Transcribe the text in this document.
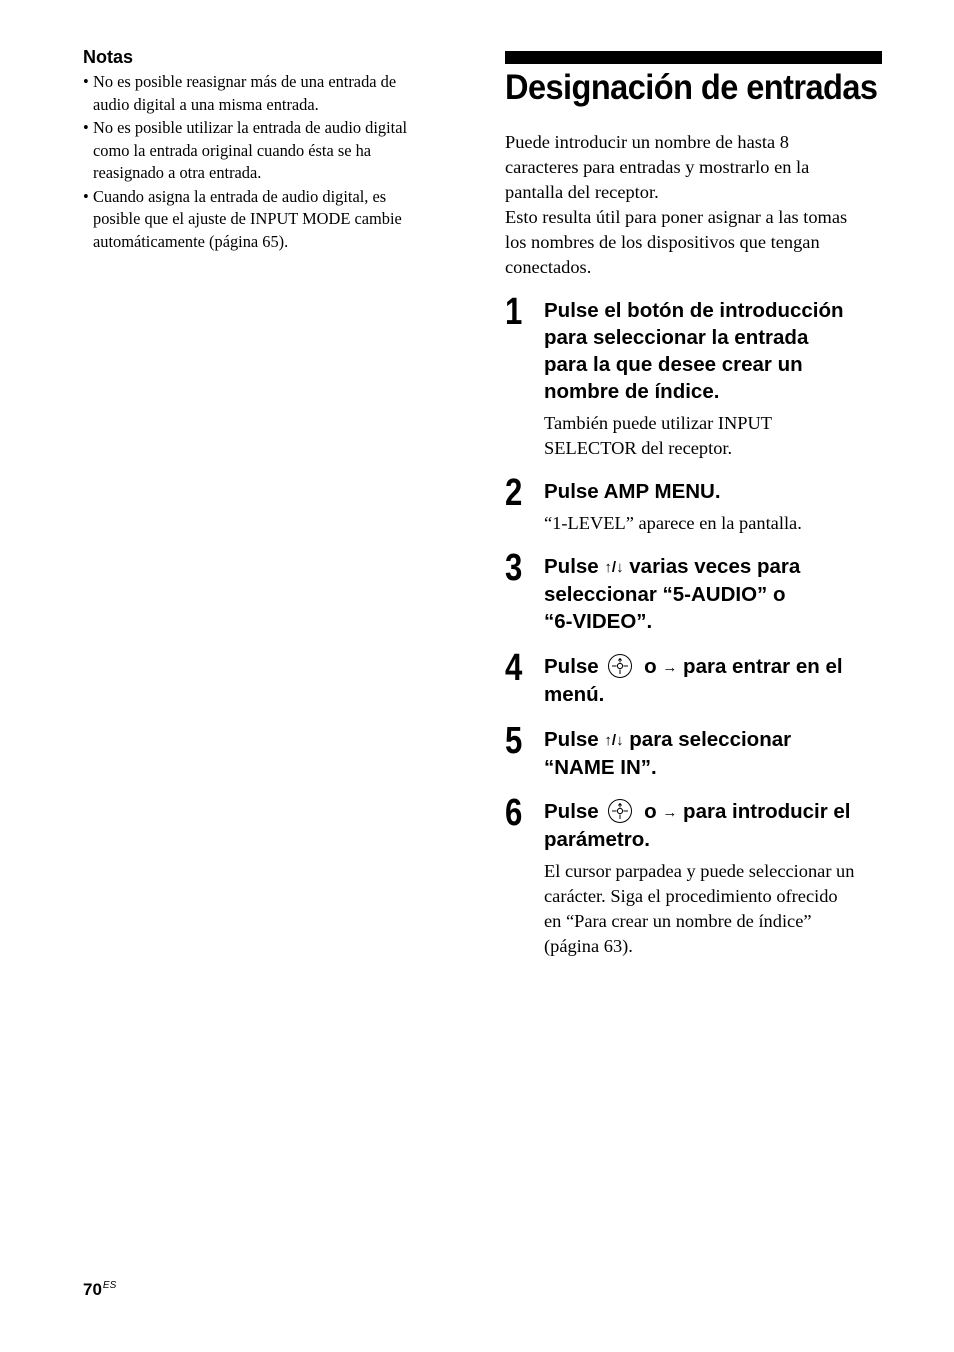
Notas
• No es posible reasignar más de una entrada de
audio digital a una misma entrada.
• No es posible utilizar la entrada de audio digital
como la entrada original cuando ésta se ha
reasignado a otra entrada.
• Cuando asigna la entrada de audio digital, es
posible que el ajuste de INPUT MODE cambie
automáticamente (página 65).
Designación de entradas

Puede introducir un nombre de hasta 8
caracteres para entradas y mostrarlo en la
pantalla del receptor.
Esto resulta útil para poner asignar a las tomas
los nombres de los dispositivos que tengan
conectados.

1 Pulse el botón de introducción
para seleccionar la entrada
para la que desee crear un
nombre de índice.
También puede utilizar INPUT
SELECTOR del receptor.
2 Pulse AMP MENU.
“1-LEVEL” aparece en la pantalla.
3 Pulse ↑/↓ varias veces para
seleccionar “5-AUDIO” o
“6-VIDEO”.
4 Pulse o → para entrar en el
menú.
5 Pulse ↑/↓ para seleccionar
“NAME IN”.
6 Pulse o → para introducir el
parámetro.
El cursor parpadea y puede seleccionar un
carácter. Siga el procedimiento ofrecido
en “Para crear un nombre de índice”
(página 63).
$70^{ES}$
